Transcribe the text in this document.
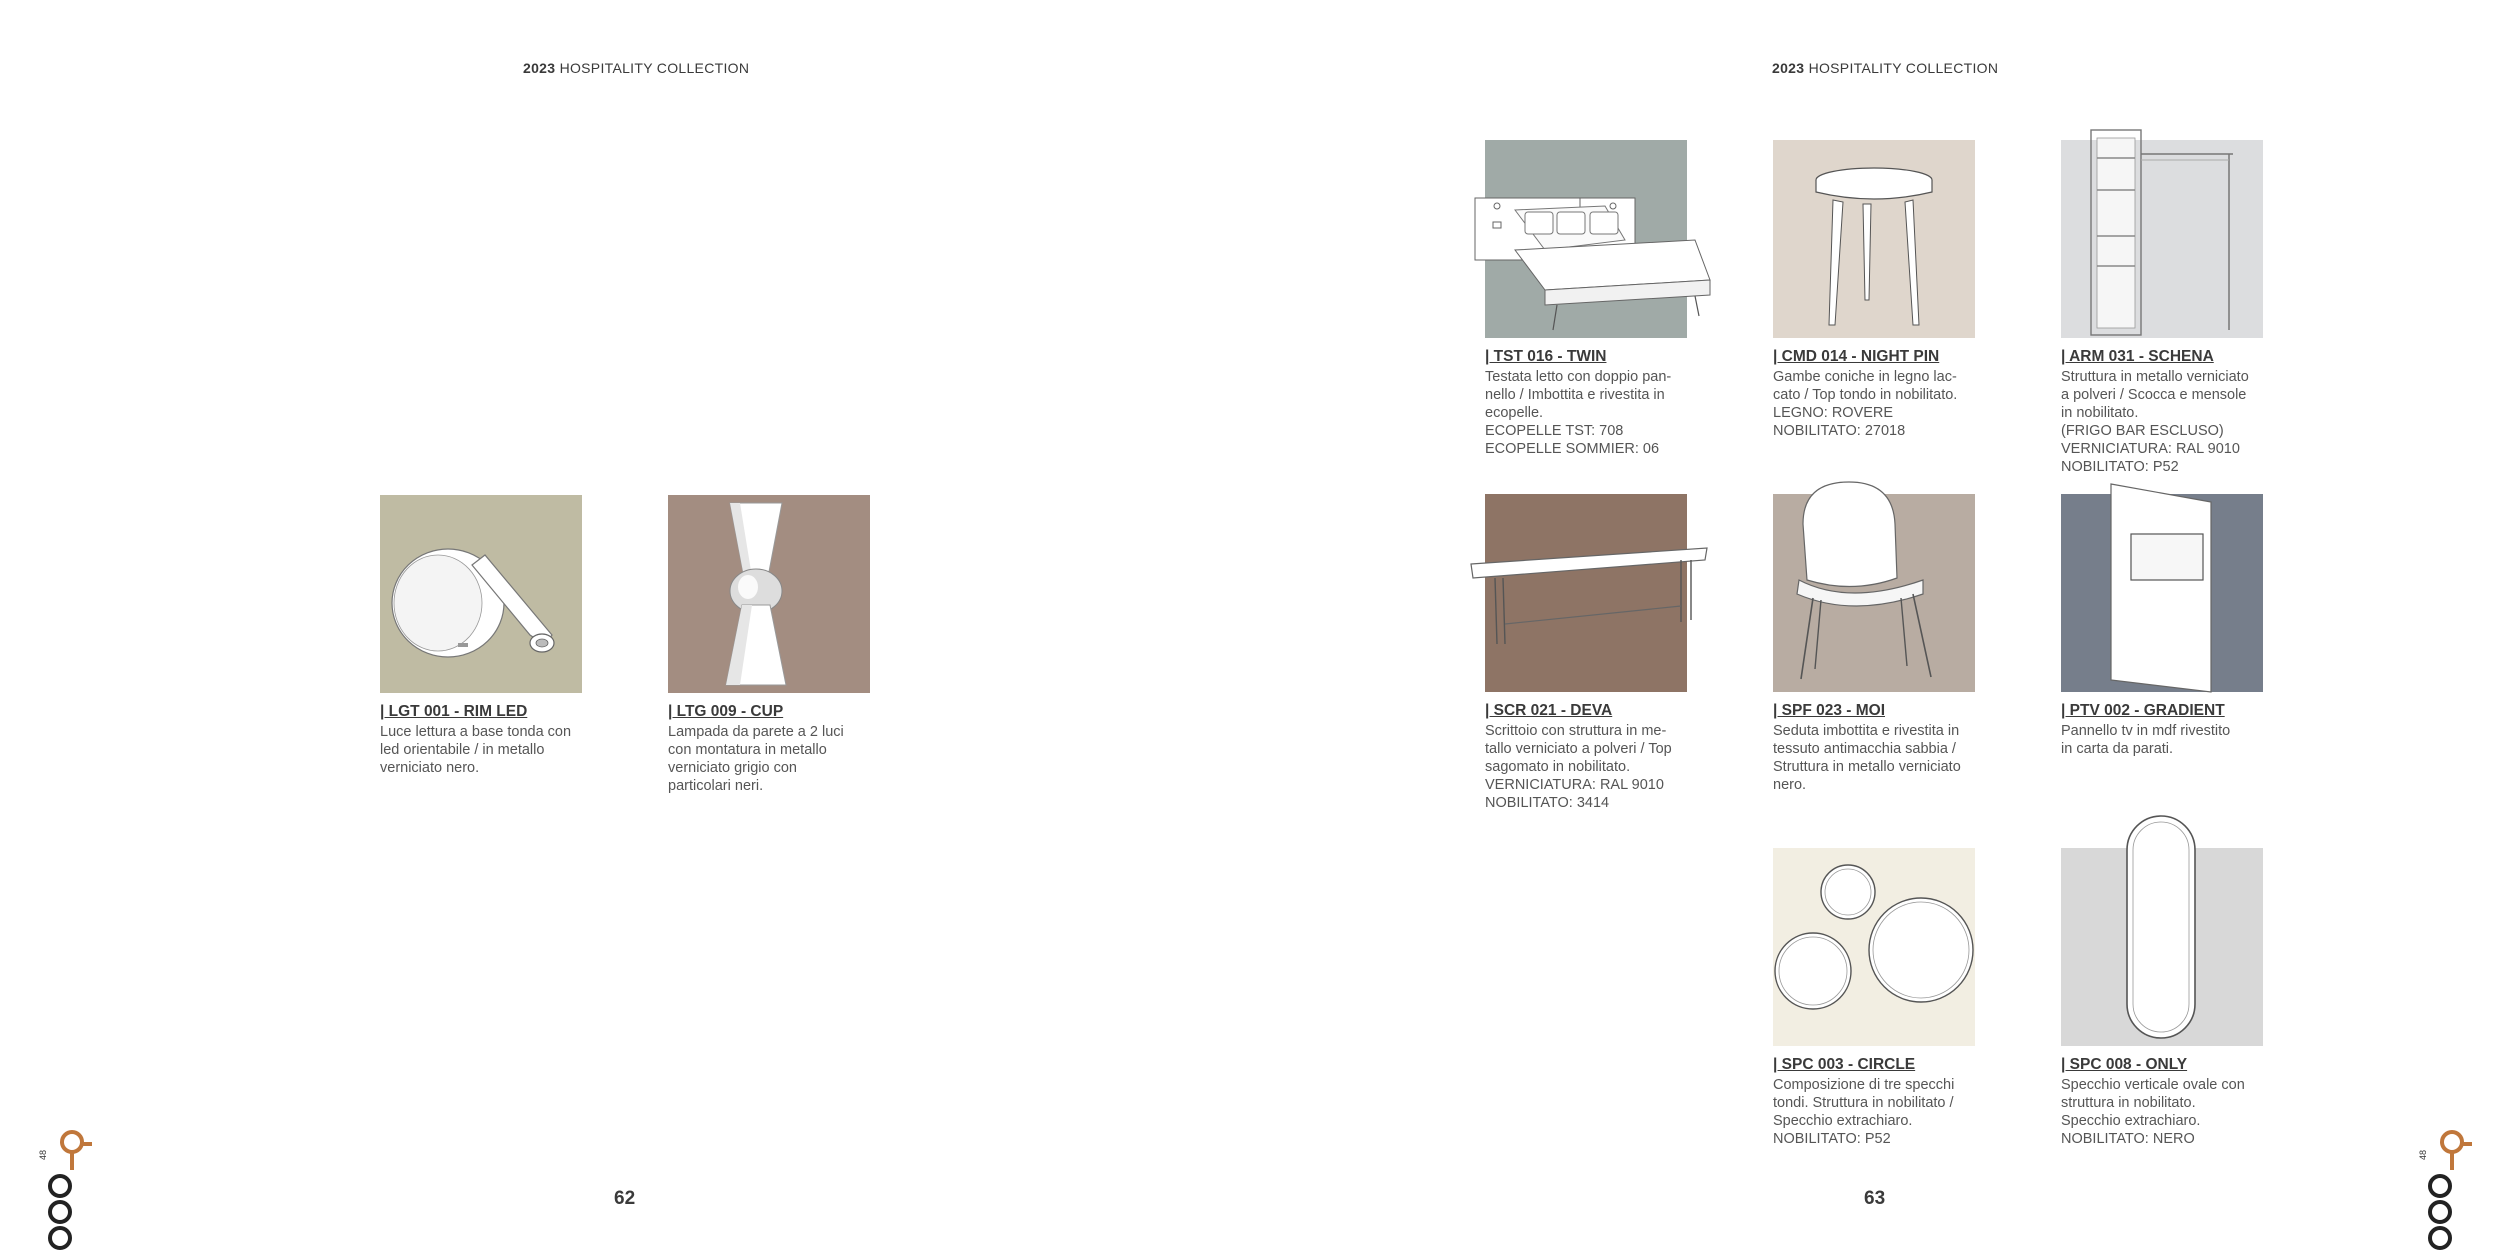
2023 HOSPITALITY COLLECTION
| LGT 001 - RIM LED
Luce lettura a base tonda con
led orientabile / in metallo
verniciato nero.
| LTG 009 - CUP
Lampada da parete a 2 luci
con montatura in metallo
verniciato grigio con
particolari neri.
62
48
2023 HOSPITALITY COLLECTION
| TST 016 - TWIN
Testata letto con doppio pan-
nello / Imbottita e rivestita in
ecopelle.
ECOPELLE TST: 708
ECOPELLE SOMMIER: 06
| CMD 014 - NIGHT PIN
Gambe coniche in legno lac-
cato / Top tondo in nobilitato.
LEGNO: ROVERE
NOBILITATO: 27018
| ARM 031 - SCHENA
Struttura in metallo verniciato
a polveri / Scocca e mensole
in nobilitato.
(FRIGO BAR ESCLUSO)
VERNICIATURA: RAL 9010
NOBILITATO: P52
| SCR 021 - DEVA
Scrittoio con struttura in me-
tallo verniciato a polveri / Top
sagomato in nobilitato.
VERNICIATURA: RAL 9010
NOBILITATO: 3414
| SPF 023 - MOI
Seduta imbottita e rivestita in
tessuto antimacchia sabbia /
Struttura in metallo verniciato
nero.
| PTV 002 - GRADIENT
Pannello tv in mdf rivestito
in carta da parati.
| SPC 003 - CIRCLE
Composizione di tre specchi
tondi. Struttura in nobilitato /
Specchio extrachiaro.
NOBILITATO: P52
| SPC 008 - ONLY
Specchio verticale ovale con
struttura in nobilitato.
Specchio extrachiaro.
NOBILITATO: NERO
63
48
